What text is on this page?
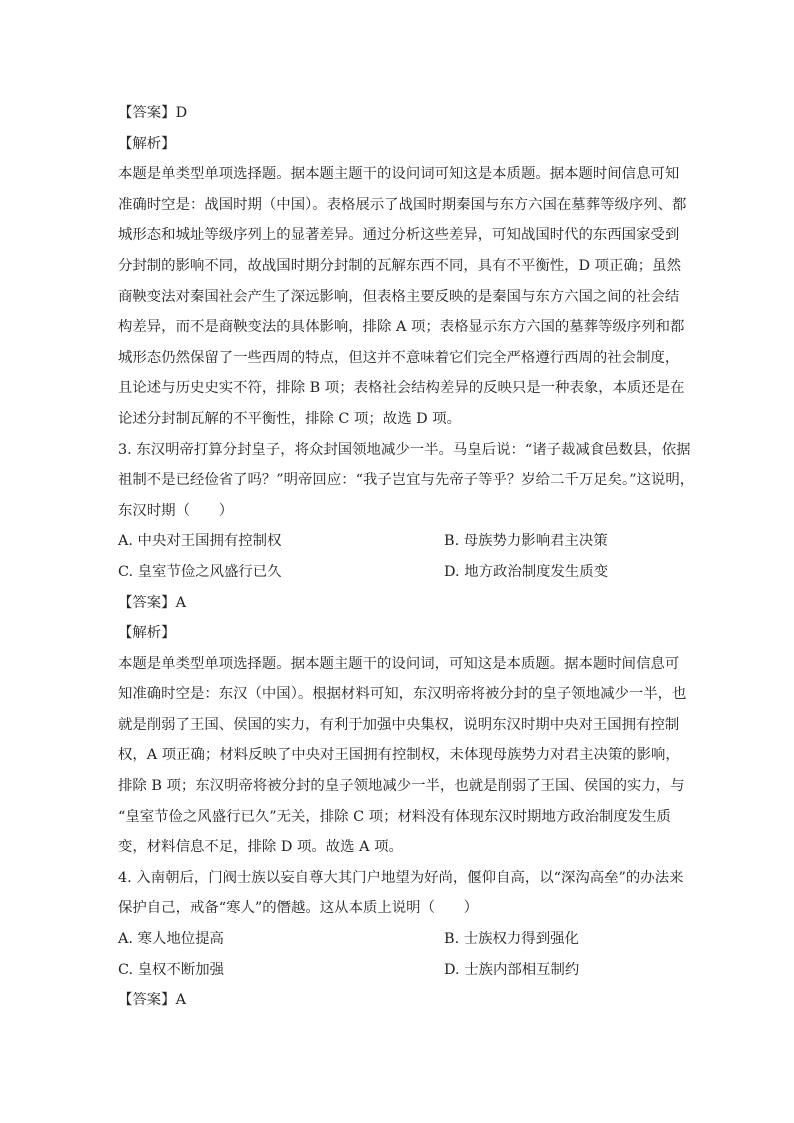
【答案】D
【解析】
本题是单类型单项选择题。据本题主题干的设问词可知这是本质题。据本题时间信息可知
准确时空是：战国时期（中国）。表格展示了战国时期秦国与东方六国在墓葬等级序列、都
城形态和城址等级序列上的显著差异。通过分析这些差异，可知战国时代的东西国家受到
分封制的影响不同，故战国时期分封制的瓦解东西不同，具有不平衡性，D 项正确；虽然
商鞅变法对秦国社会产生了深远影响，但表格主要反映的是秦国与东方六国之间的社会结
构差异，而不是商鞅变法的具体影响，排除 A 项；表格显示东方六国的墓葬等级序列和都
城形态仍然保留了一些西周的特点，但这并不意味着它们完全严格遵行西周的社会制度，
且论述与历史史实不符，排除 B 项；表格社会结构差异的反映只是一种表象，本质还是在
论述分封制瓦解的不平衡性，排除 C 项；故选 D 项。
3. 东汉明帝打算分封皇子，将众封国领地减少一半。马皇后说：“诸子裁减食邑数县，依据
祖制不是已经俭省了吗？”明帝回应：“我子岂宜与先帝子等乎？岁给二千万足矣。”这说明，
东汉时期（　　）
A. 中央对王国拥有控制权	B. 母族势力影响君主决策
C. 皇室节俭之风盛行已久	D. 地方政治制度发生质变
【答案】A
【解析】
本题是单类型单项选择题。据本题主题干的设问词，可知这是本质题。据本题时间信息可
知准确时空是：东汉（中国）。根据材料可知，东汉明帝将被分封的皇子领地减少一半，也
就是削弱了王国、侯国的实力，有利于加强中央集权，说明东汉时期中央对王国拥有控制
权，A 项正确；材料反映了中央对王国拥有控制权，未体现母族势力对君主决策的影响，
排除 B 项；东汉明帝将被分封的皇子领地减少一半，也就是削弱了王国、侯国的实力，与
“皇室节俭之风盛行已久”无关，排除 C 项；材料没有体现东汉时期地方政治制度发生质
变，材料信息不足，排除 D 项。故选 A 项。
4. 入南朝后，门阀士族以妄自尊大其门户地望为好尚，偃仰自高，以“深沟高垒”的办法来
保护自己，戒备“寒人”的僭越。这从本质上说明（　　）
A. 寒人地位提高	B. 士族权力得到强化
C. 皇权不断加强	D. 士族内部相互制约
【答案】A
